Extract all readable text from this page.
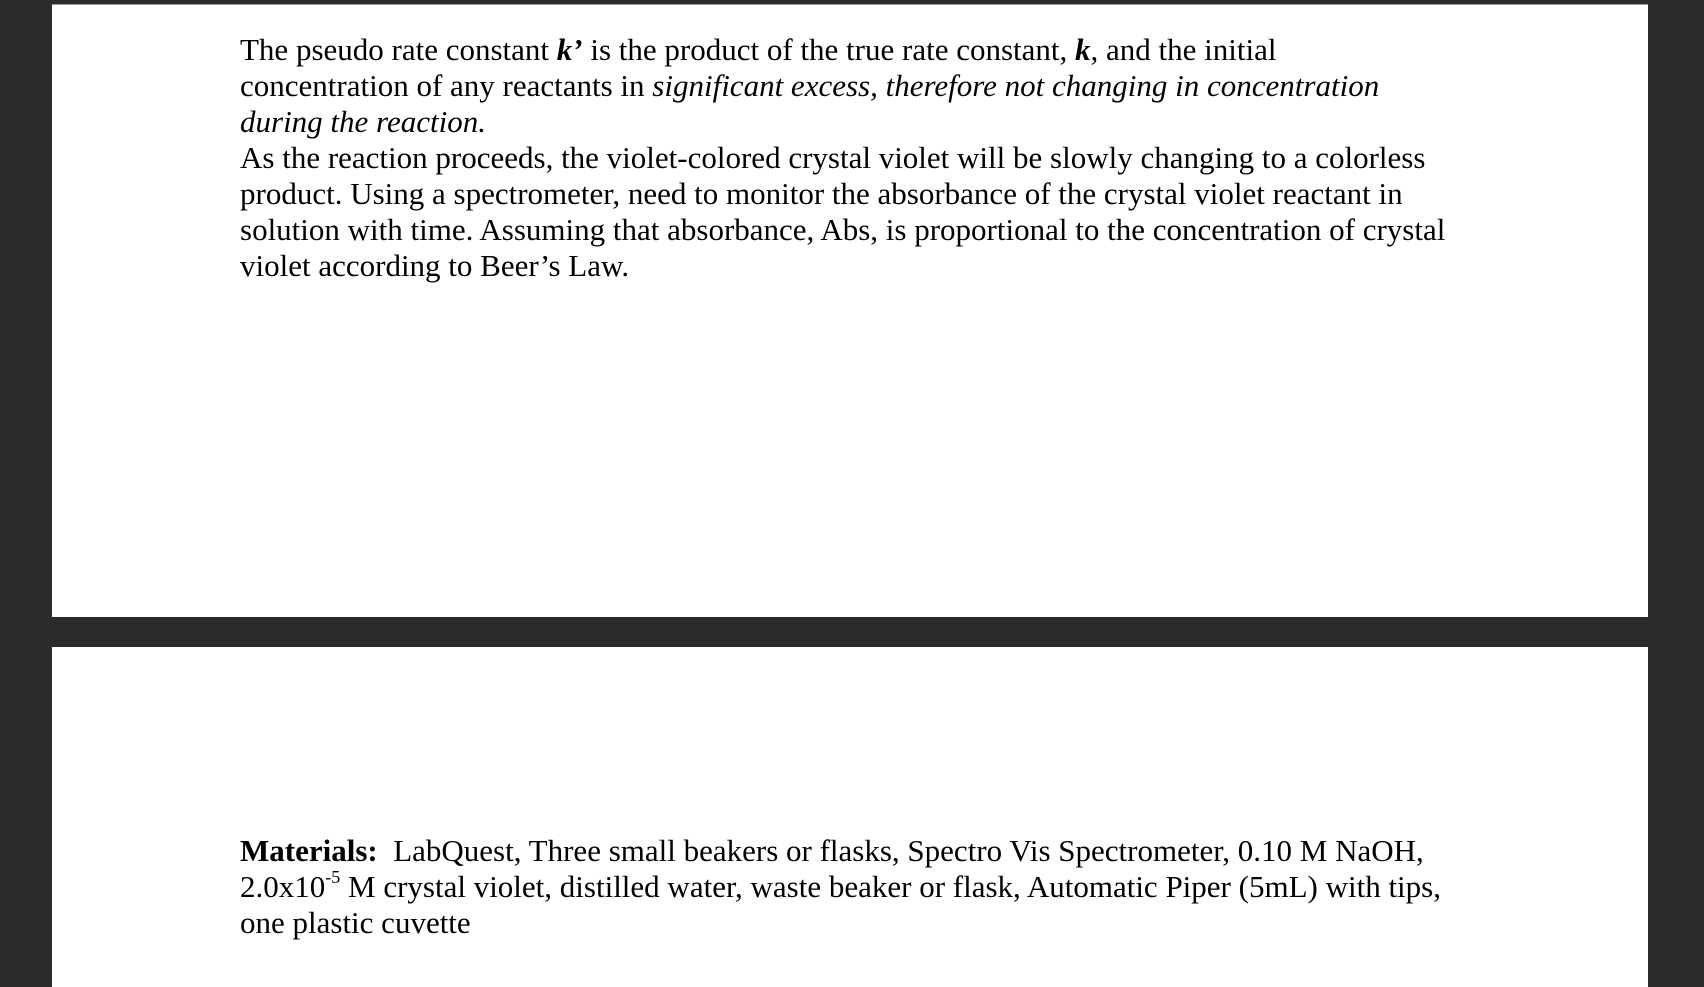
The pseudo rate constant k’ is the product of the true rate constant, k, and the initial
concentration of any reactants in significant excess, therefore not changing in concentration
during the reaction.
As the reaction proceeds, the violet-colored crystal violet will be slowly changing to a colorless
product. Using a spectrometer, need to monitor the absorbance of the crystal violet reactant in
solution with time. Assuming that absorbance, Abs, is proportional to the concentration of crystal
violet according to Beer’s Law.
Materials:  LabQuest, Three small beakers or flasks, Spectro Vis Spectrometer, 0.10 M NaOH,
$2.0x10^{-5}$ M crystal violet, distilled water, waste beaker or flask, Automatic Piper (5mL) with tips,
one plastic cuvette
